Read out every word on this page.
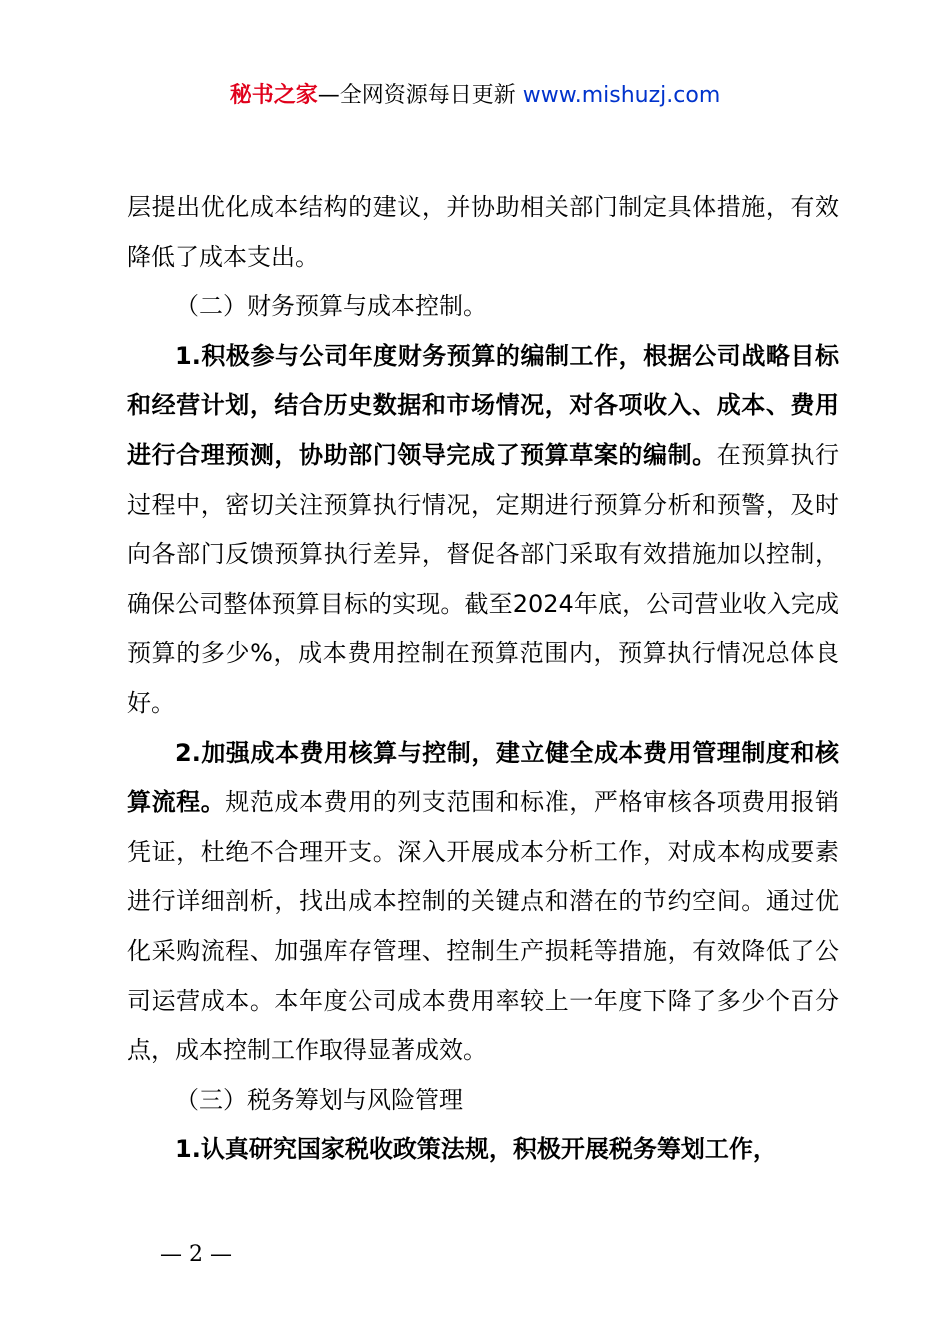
秘书之家—全网资源每日更新 www.mishuzj.com

层提出优化成本结构的建议，并协助相关部门制定具体措施，有效降低了成本支出。

（二）财务预算与成本控制。

1.积极参与公司年度财务预算的编制工作，根据公司战略目标和经营计划，结合历史数据和市场情况，对各项收入、成本、费用进行合理预测，协助部门领导完成了预算草案的编制。在预算执行过程中，密切关注预算执行情况，定期进行预算分析和预警，及时向各部门反馈预算执行差异，督促各部门采取有效措施加以控制，确保公司整体预算目标的实现。截至2024年底，公司营业收入完成预算的多少%，成本费用控制在预算范围内，预算执行情况总体良好。

2.加强成本费用核算与控制，建立健全成本费用管理制度和核算流程。规范成本费用的列支范围和标准，严格审核各项费用报销凭证，杜绝不合理开支。深入开展成本分析工作，对成本构成要素进行详细剖析，找出成本控制的关键点和潜在的节约空间。通过优化采购流程、加强库存管理、控制生产损耗等措施，有效降低了公司运营成本。本年度公司成本费用率较上一年度下降了多少个百分点，成本控制工作取得显著成效。

（三）税务筹划与风险管理

1.认真研究国家税收政策法规，积极开展税务筹划工作，

— 2 —
